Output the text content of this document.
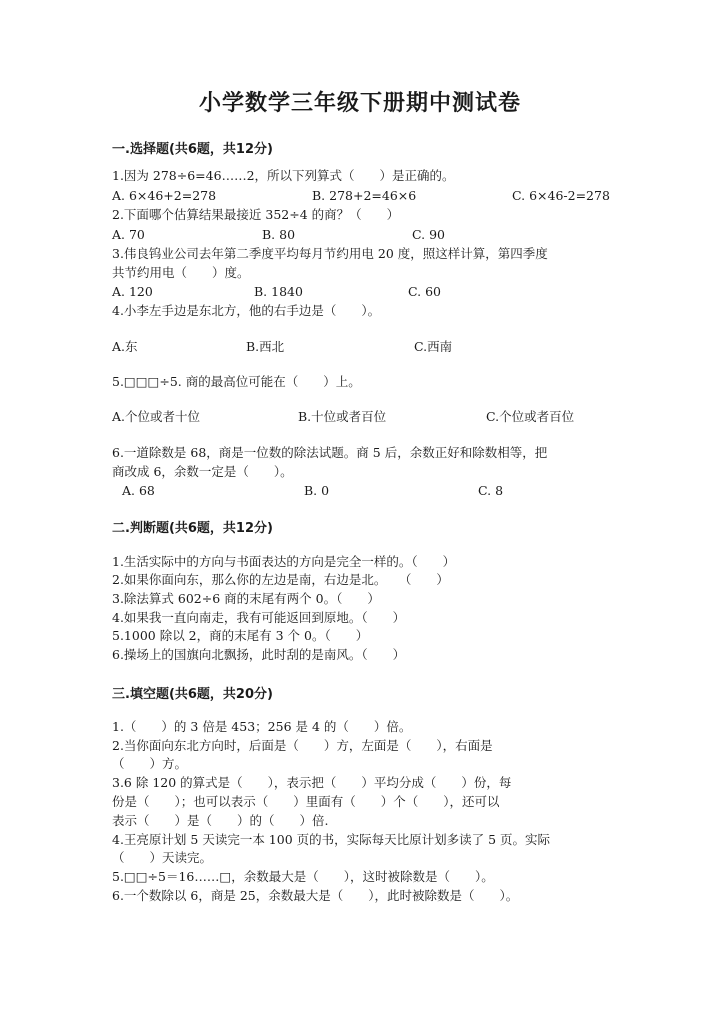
小学数学三年级下册期中测试卷
一.选择题(共6题，共12分)
1.因为 278÷6=46……2，所以下列算式（　　）是正确的。
A. 6×46+2=278	B. 278+2=46×6	C. 6×46-2=278
2.下面哪个估算结果最接近 352÷4 的商？（　　）
A. 70	B. 80	C. 90
3.伟良钨业公司去年第二季度平均每月节约用电 20 度，照这样计算，第四季度
共节约用电（　　）度。
A. 120	B. 1840	C. 60
4.小李左手边是东北方，他的右手边是（　　）。
A.东	B.西北	C.西南
5.□□□÷5. 商的最高位可能在（　　）上。
A.个位或者十位	B.十位或者百位	C.个位或者百位
6.一道除数是 68，商是一位数的除法试题。商 5 后，余数正好和除数相等，把
商改成 6，余数一定是（　　）。
A. 68	B. 0	C. 8
二.判断题(共6题，共12分)
1.生活实际中的方向与书面表达的方向是完全一样的。（　　）
2.如果你面向东，那么你的左边是南，右边是北。　　（　　）
3.除法算式 602÷6 商的末尾有两个 0。（　　）
4.如果我一直向南走，我有可能返回到原地。（　　）
5.1000 除以 2，商的末尾有 3 个 0。（　　）
6.操场上的国旗向北飘扬，此时刮的是南风。（　　）
三.填空题(共6题，共20分)
1.（　　）的 3 倍是 453；256 是 4 的（　　）倍。
2.当你面向东北方向时，后面是（　　）方，左面是（　　），右面是
（　　）方。
3.6 除 120 的算式是（　　），表示把（　　）平均分成（　　）份，每
份是（　　）；也可以表示（　　）里面有（　　）个（　　），还可以
表示（　　）是（　　）的（　　）倍.
4.王亮原计划 5 天读完一本 100 页的书，实际每天比原计划多读了 5 页。实际
（　　）天读完。
5.□□÷5＝16……□，余数最大是（　　），这时被除数是（　　）。
6.一个数除以 6，商是 25，余数最大是（　　），此时被除数是（　　）。
